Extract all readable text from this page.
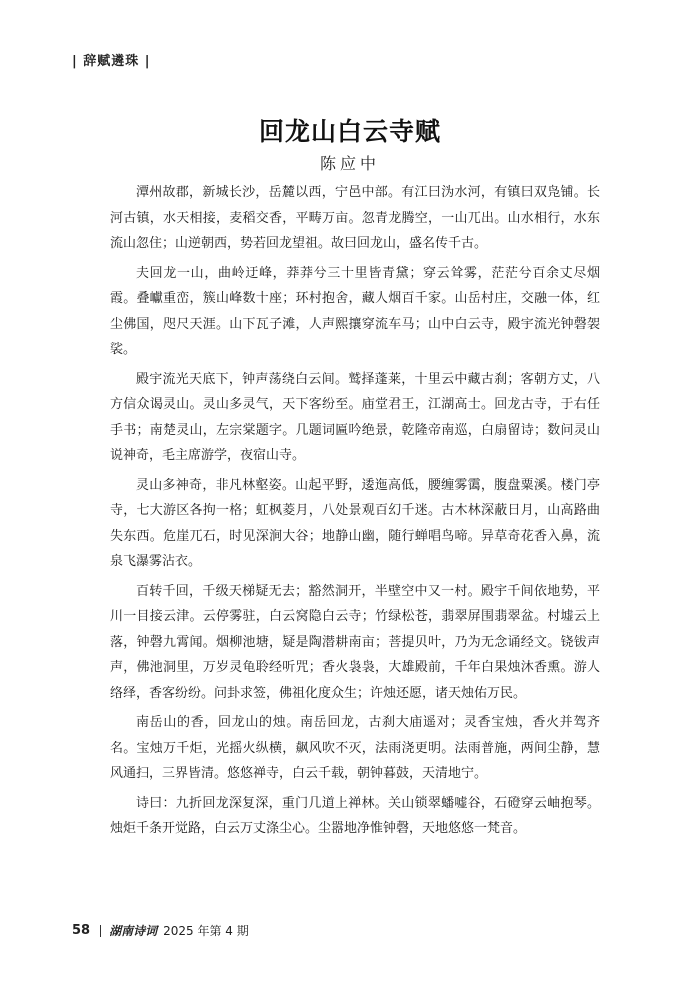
| 辞赋遴珠 |
回龙山白云寺赋
陈应中

潭州故郡，新城长沙，岳麓以西，宁邑中部。有江曰沩水河，有镇曰双凫铺。长河古镇，水天相接，麦稻交香，平畴万亩。忽青龙腾空，一山兀出。山水相行，水东流山忽住；山逆朝西，势若回龙望祖。故曰回龙山，盛名传千古。

夫回龙一山，曲岭迂峰，莽莽兮三十里皆青黛；穿云耸雾，茫茫兮百余丈尽烟霞。叠巘重峦，簇山峰数十座；环村抱舍，藏人烟百千家。山岳村庄，交融一体，红尘佛国，咫尺天涯。山下瓦子滩，人声熙攘穿流车马；山中白云寺，殿宇流光钟磬袈裟。

殿宇流光天底下，钟声荡绕白云间。鹫择蓬莱，十里云中藏古刹；客朝方丈，八方信众谒灵山。灵山多灵气，天下客纷至。庙堂君王，江湖高士。回龙古寺，于右任手书；南楚灵山，左宗棠题字。几题词匾吟绝景，乾隆帝南巡，白扇留诗；数问灵山说神奇，毛主席游学，夜宿山寺。

灵山多神奇，非凡林壑姿。山起平野，逶迤高低，腰缠雾霭，腹盘粟溪。楼门亭寺，七大游区各拘一格；虹枫菱月，八处景观百幻千迷。古木林深蔽日月，山高路曲失东西。危崖兀石，时见深涧大谷；地静山幽，随行蝉唱鸟啼。异草奇花香入鼻，流泉飞瀑雾沾衣。

百转千回，千级天梯疑无去；豁然洞开，半壁空中又一村。殿宇千间依地势，平川一目接云津。云停雾驻，白云窝隐白云寺；竹绿松苍，翡翠屏围翡翠盆。村墟云上落，钟磬九霄闻。烟柳池塘，疑是陶潜耕南亩；菩提贝叶，乃为无念诵经文。铙钹声声，佛池洞里，万岁灵龟聆经听咒；香火袅袅，大雄殿前，千年白果烛沐香熏。游人络绎，香客纷纷。问卦求签，佛祖化度众生；许烛还愿，诸天烛佑万民。

南岳山的香，回龙山的烛。南岳回龙，古刹大庙遥对；灵香宝烛，香火并驾齐名。宝烛万千炬，光摇火纵横，飙风吹不灭，法雨浇更明。法雨普施，两间尘静，慧风通扫，三界皆清。悠悠禅寺，白云千载，朝钟暮鼓，天清地宁。

诗曰：九折回龙深复深，重门几道上禅林。关山锁翠蟠嘘谷，石磴穿云岫抱琴。烛炬千条开觉路，白云万丈涤尘心。尘嚣地净惟钟磬，天地悠悠一梵音。

58 湖南诗词 2025 年第 4 期
